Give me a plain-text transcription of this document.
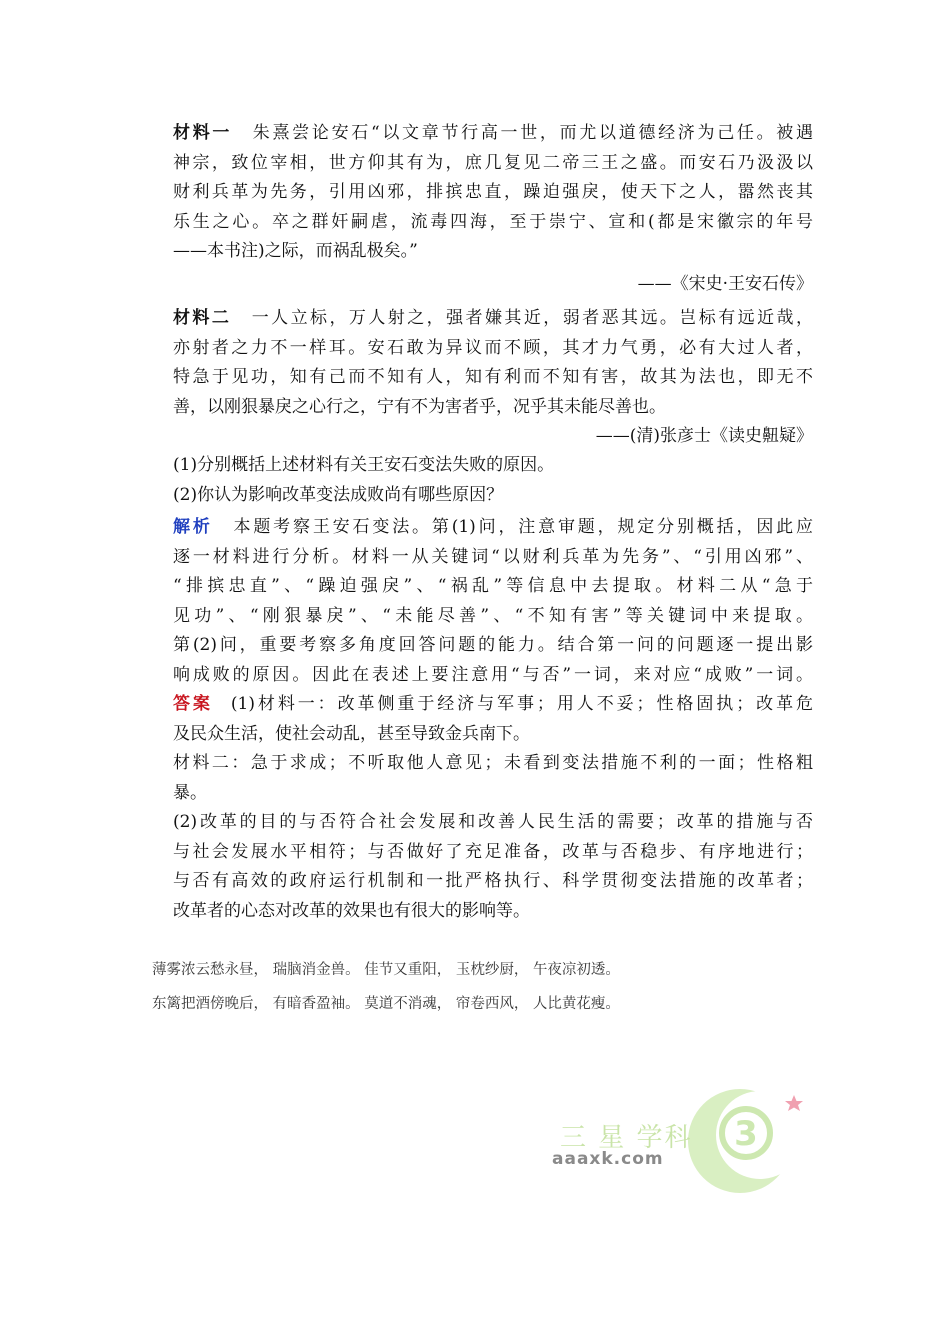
材料一 朱熹尝论安石“以文章节行高一世，而尤以道德经济为己任。被遇
神宗，致位宰相，世方仰其有为，庶几复见二帝三王之盛。而安石乃汲汲以
财利兵革为先务，引用凶邪，排摈忠直，躁迫强戾，使天下之人，嚣然丧其
乐生之心。卒之群奸嗣虐，流毒四海，至于崇宁、宣和(都是宋徽宗的年号
——本书注)之际，而祸乱极矣。”
——《宋史·王安石传》
材料二 一人立标，万人射之，强者嫌其近，弱者恶其远。岂标有远近哉，
亦射者之力不一样耳。安石敢为异议而不顾，其才力气勇，必有大过人者，
特急于见功，知有己而不知有人，知有利而不知有害，故其为法也，即无不
善，以刚狠暴戾之心行之，宁有不为害者乎，况乎其未能尽善也。
——(清)张彦士《读史䶊疑》
(1)分别概括上述材料有关王安石变法失败的原因。
(2)你认为影响改革变法成败尚有哪些原因？
解析 本题考察王安石变法。第(1)问，注意审题，规定分别概括，因此应
逐一材料进行分析。材料一从关键词“以财利兵革为先务”、“引用凶邪”、
“排摈忠直”、“躁迫强戾”、“祸乱”等信息中去提取。材料二从“急于
见功”、“刚狠暴戾”、“未能尽善”、“不知有害”等关键词中来提取。
第(2)问，重要考察多角度回答问题的能力。结合第一问的问题逐一提出影
响成败的原因。因此在表述上要注意用“与否”一词，来对应“成败”一词。
答案 (1)材料一：改革侧重于经济与军事；用人不妥；性格固执；改革危
及民众生活，使社会动乱，甚至导致金兵南下。
材料二：急于求成；不听取他人意见；未看到变法措施不利的一面；性格粗
暴。
(2)改革的目的与否符合社会发展和改善人民生活的需要；改革的措施与否
与社会发展水平相符；与否做好了充足准备，改革与否稳步、有序地进行；
与否有高效的政府运行机制和一批严格执行、科学贯彻变法措施的改革者；
改革者的心态对改革的效果也有很大的影响等。
薄雾浓云愁永昼， 瑞脑消金兽。 佳节又重阳， 玉枕纱厨， 午夜凉初透。
东篱把酒傍晚后， 有暗香盈袖。 莫道不消魂， 帘卷西风， 人比黄花瘦。
3
三 星 学科
aaaxk.com
